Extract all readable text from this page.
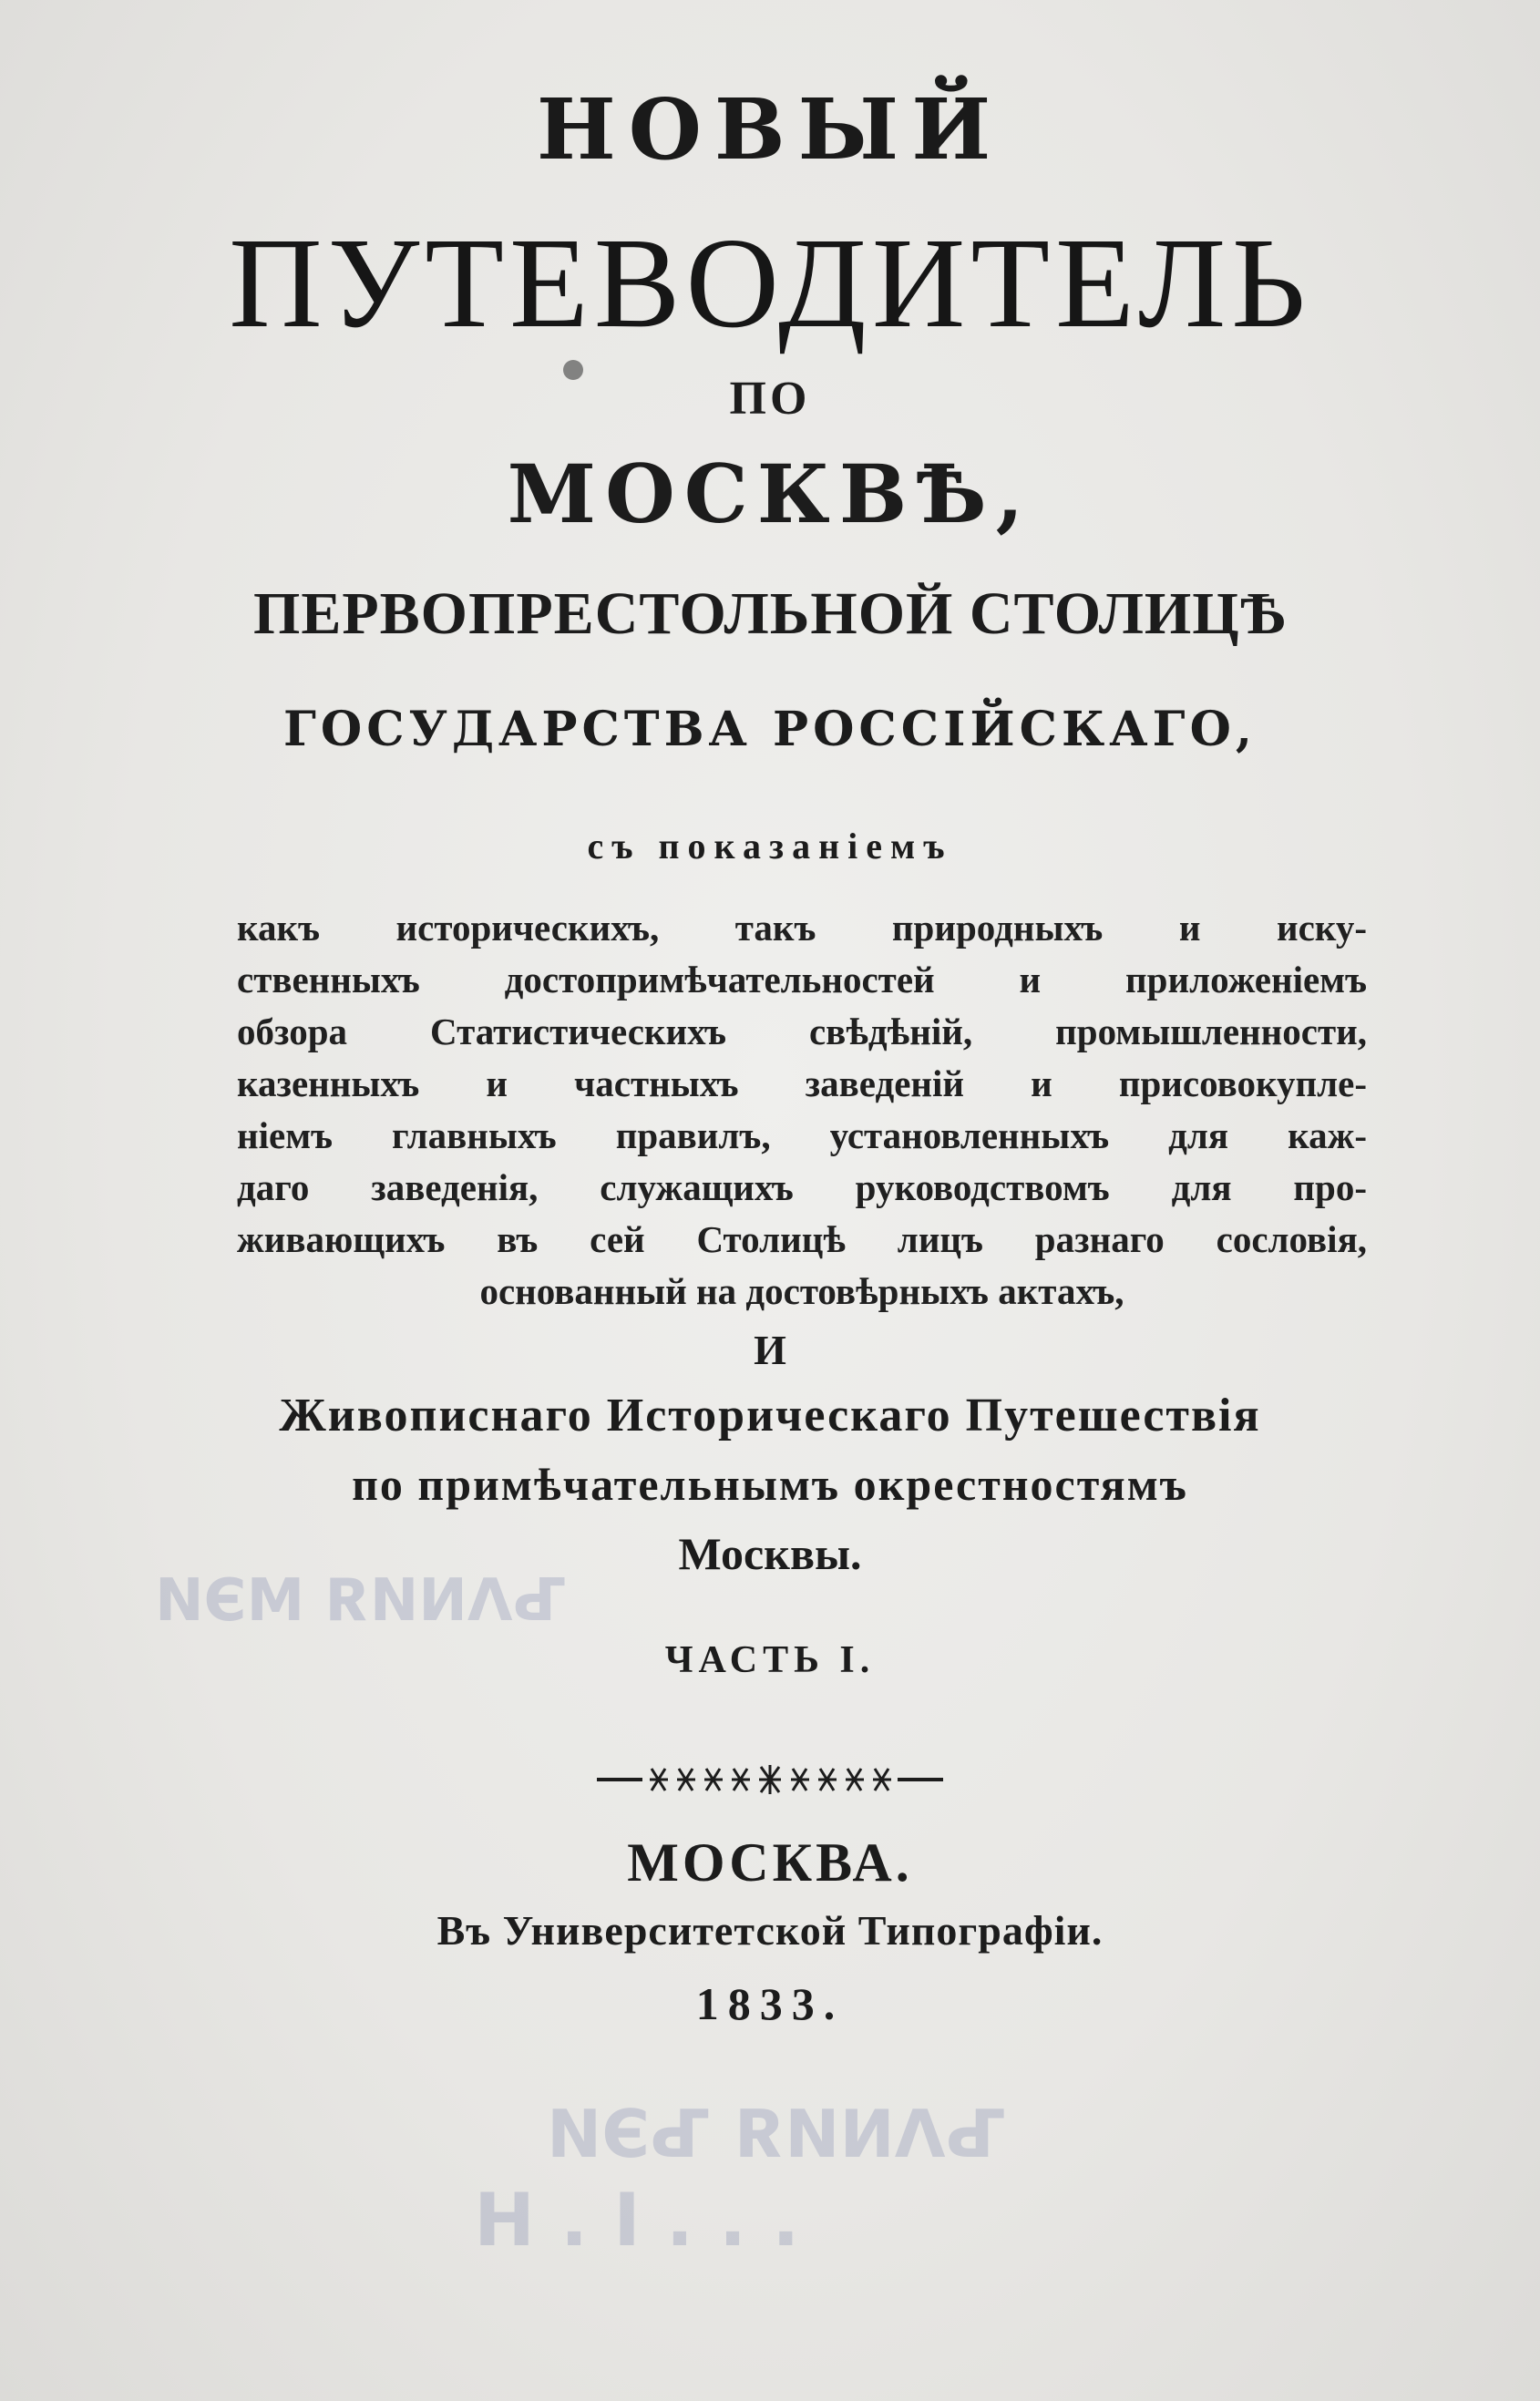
НОВЫЙ
ПУТЕВОДИТЕЛЬ
ПО
МОСКВѢ,
ПЕРВОПРЕСТОЛЬНОЙ СТОЛИЦѢ
ГОСУДАРСТВА РОССІЙСКАГО,
съ показаніемъ
какъ историческихъ, такъ природныхъ и иску-
ственныхъ достопримѣчательностей и приложеніемъ
обзора Статистическихъ свѣдѣній, промышленности,
казенныхъ и частныхъ заведеній и присовокупле-
ніемъ главныхъ правилъ, установленныхъ для каж-
даго заведенія, служащихъ руководствомъ для про-
живающихъ въ сей Столицѣ лицъ разнаго сословія,
основанный на достовѣрныхъ актахъ,
И
Живописнаго Историческаго Путешествія
по примѣчательнымъ окрестностямъ
Москвы.
ЧАСТЬ I.
МОСКВА.
Въ Университетской Типографіи.
1833.
ЪΛΝИЯ МЭИ
ЪΛΝИЯ ЪЭИ
. . . Ι . Η
